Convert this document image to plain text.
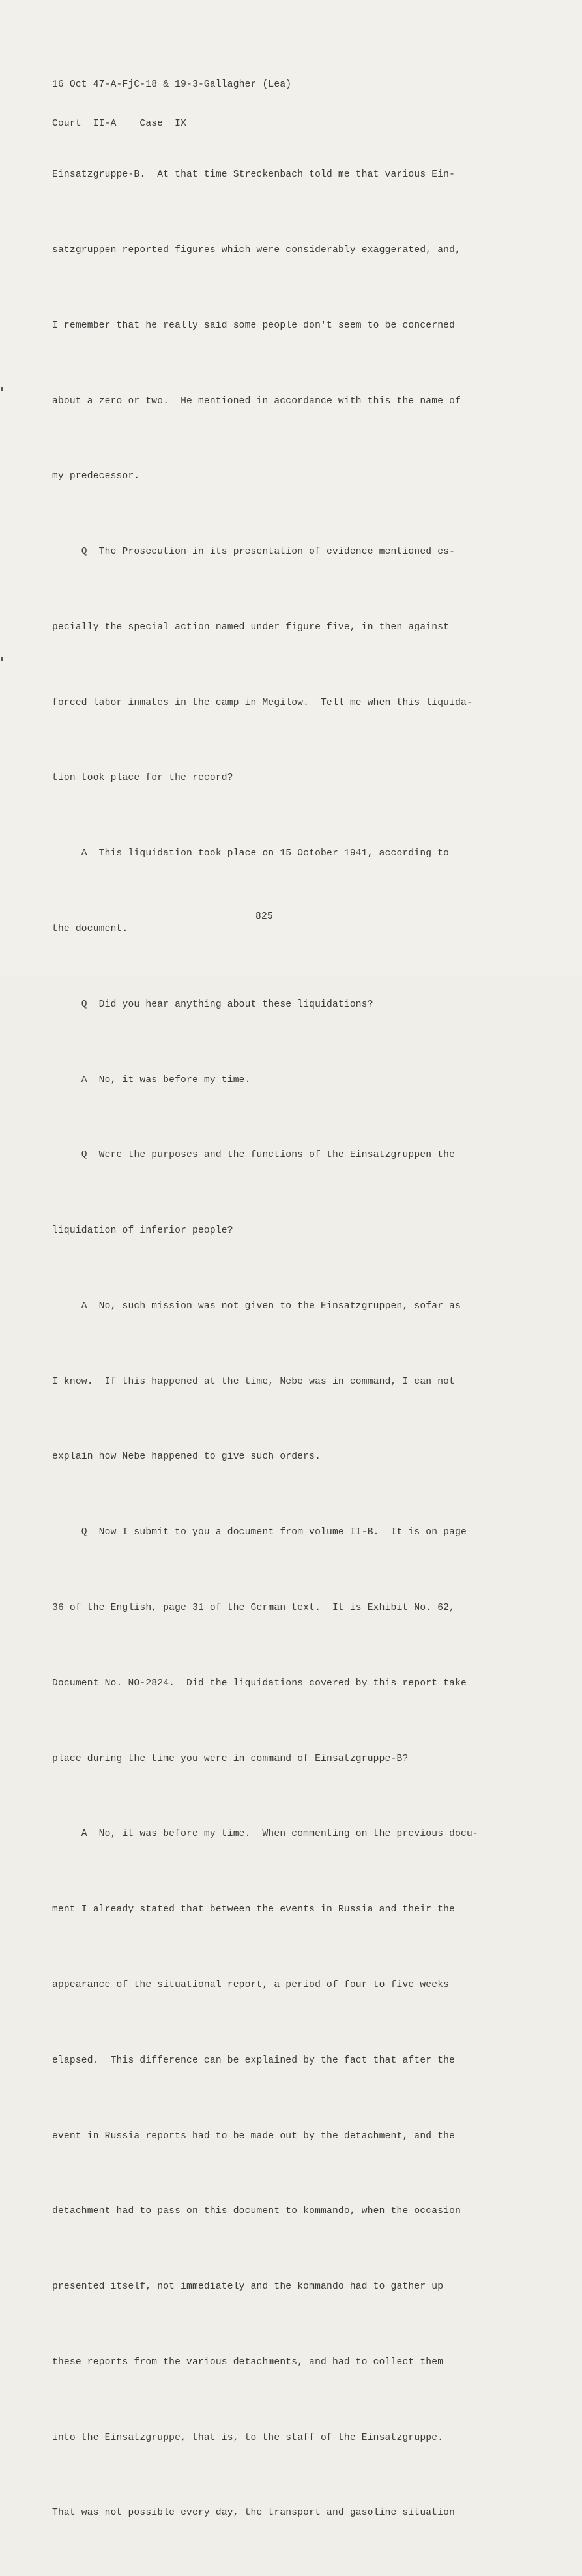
16 Oct 47-A-FjC-18 & 19-3-Gallagher (Lea)

Court  II-A    Case  IX

Einsatzgruppe-B.  At that time Streckenbach told me that various Ein-

satzgruppen reported figures which were considerably exaggerated, and,

I remember that he really said some people don't seem to be concerned

about a zero or two.  He mentioned in accordance with this the name of

my predecessor.

Q  The Prosecution in its presentation of evidence mentioned es-

pecially the special action named under figure five, in then against

forced labor inmates in the camp in Megilow.  Tell me when this liquida-

tion took place for the record?

A  This liquidation took place on 15 October 1941, according to

the document.

Q  Did you hear anything about these liquidations?

A  No, it was before my time.

Q  Were the purposes and the functions of the Einsatzgruppen the

liquidation of inferior people?

A  No, such mission was not given to the Einsatzgruppen, sofar as

I know.  If this happened at the time, Nebe was in command, I can not

explain how Nebe happened to give such orders.

Q  Now I submit to you a document from volume II-B.  It is on page

36 of the English, page 31 of the German text.  It is Exhibit No. 62,

Document No. NO-2824.  Did the liquidations covered by this report take

place during the time you were in command of Einsatzgruppe-B?

A  No, it was before my time.  When commenting on the previous docu-

ment I already stated that between the events in Russia and their the

appearance of the situational report, a period of four to five weeks

elapsed.  This difference can be explained by the fact that after the

event in Russia reports had to be made out by the detachment, and the

detachment had to pass on this document to kommando, when the occasion

presented itself, not immediately and the kommando had to gather up

these reports from the various detachments, and had to collect them

into the Einsatzgruppe, that is, to the staff of the Einsatzgruppe.

That was not possible every day, the transport and gasoline situation

825
